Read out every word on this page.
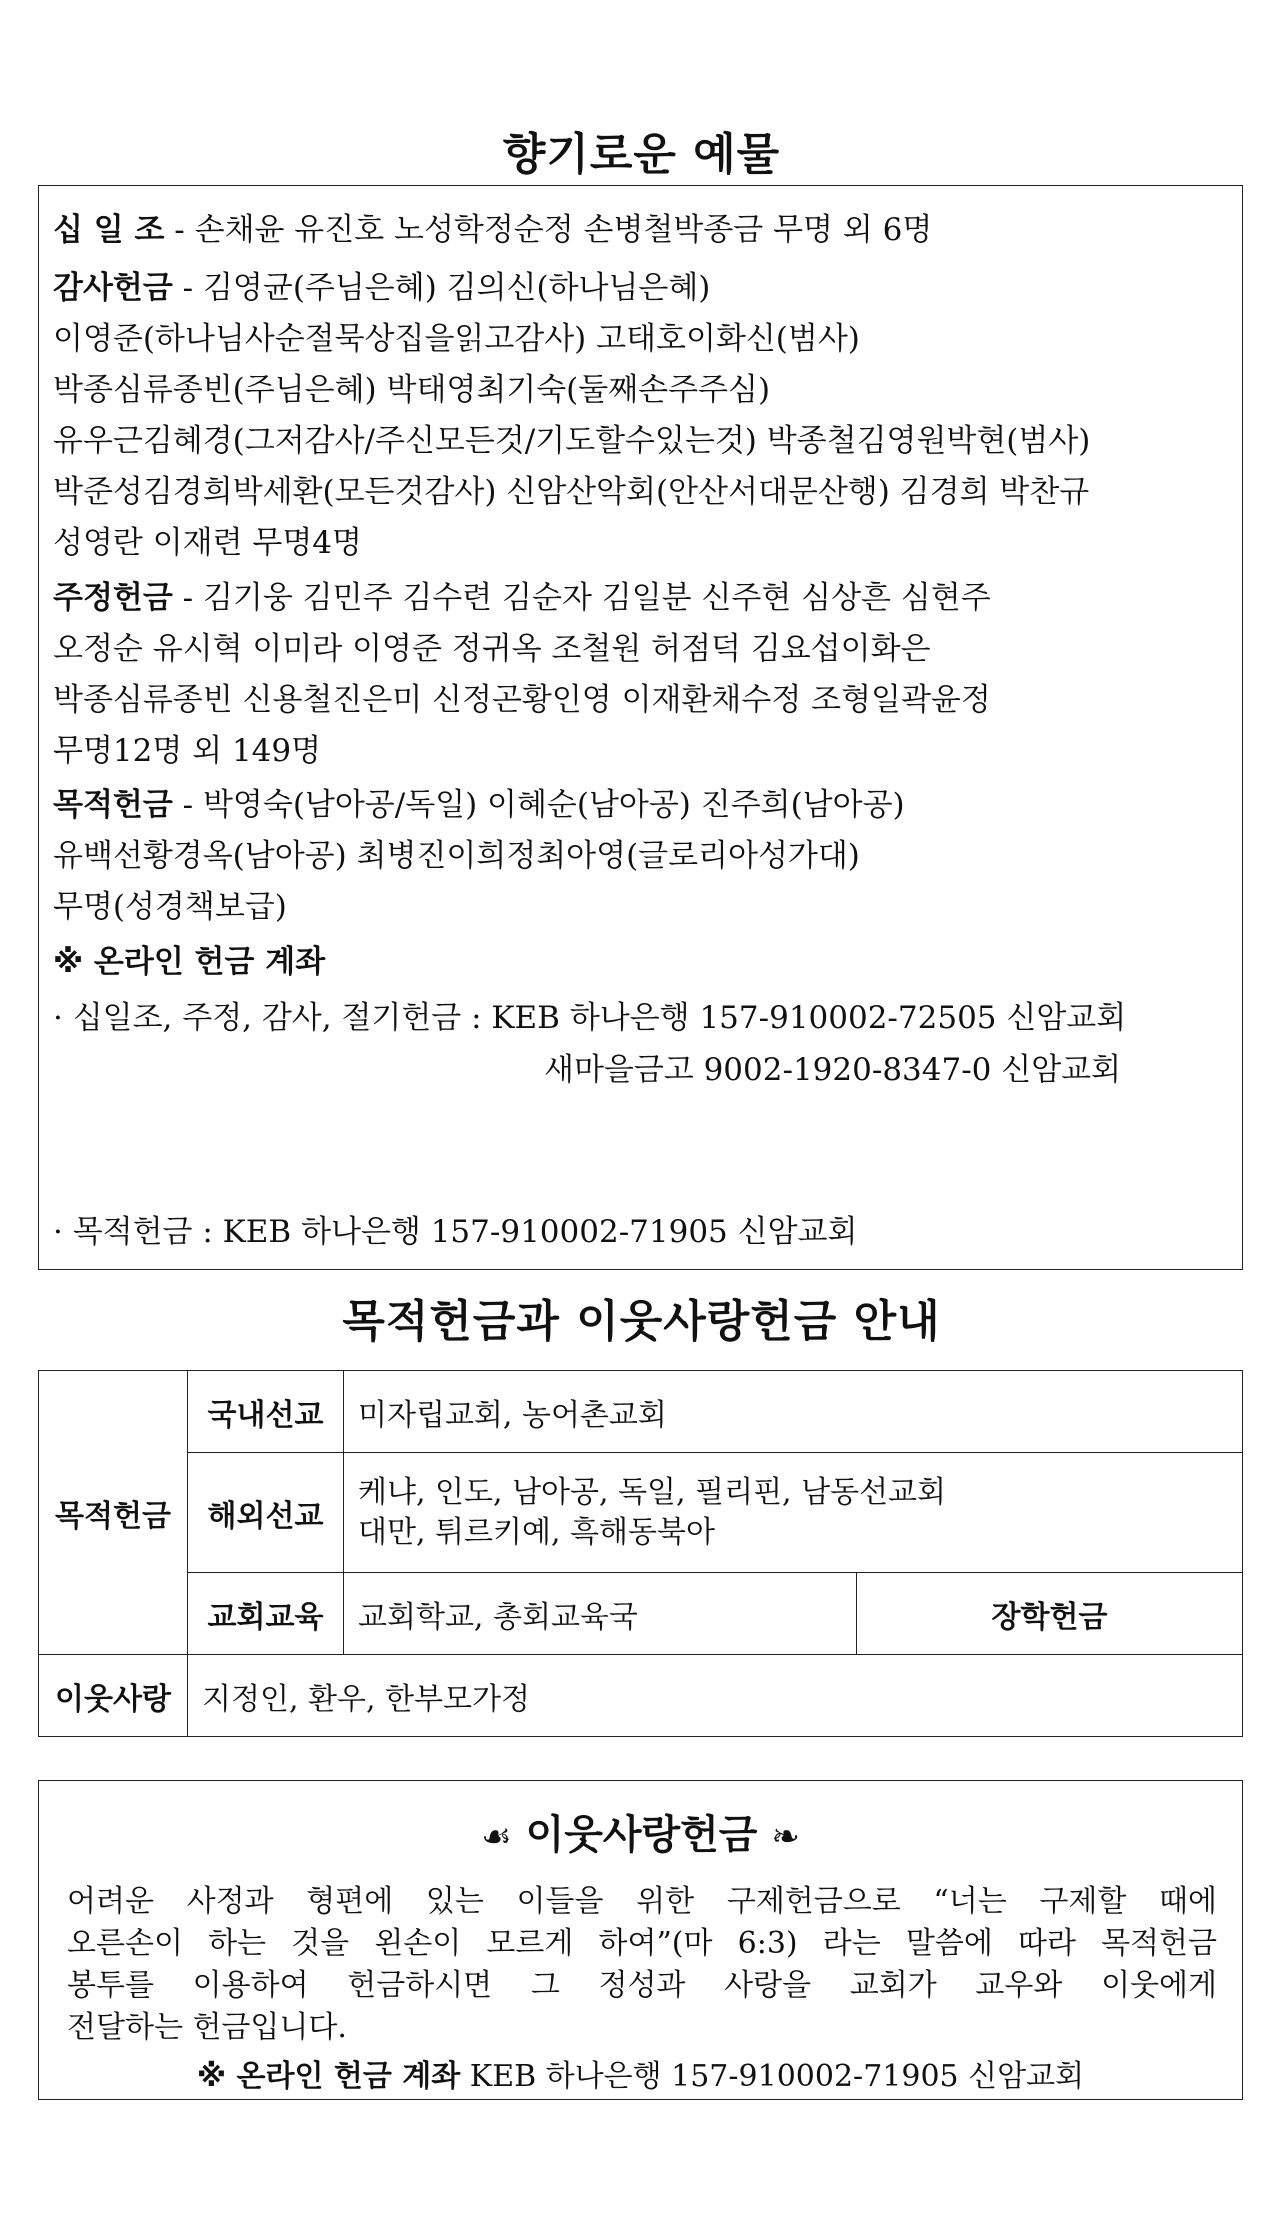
향기로운 예물
십 일 조 - 손채윤 유진호 노성학정순정 손병철박종금 무명 외 6명
감사헌금 - 김영균(주님은혜) 김의신(하나님은혜)
이영준(하나님사순절묵상집을읽고감사) 고태호이화신(범사)
박종심류종빈(주님은혜) 박태영최기숙(둘째손주주심)
유우근김혜경(그저감사/주신모든것/기도할수있는것) 박종철김영원박현(범사)
박준성김경희박세환(모든것감사) 신암산악회(안산서대문산행) 김경희 박찬규
성영란 이재련 무명4명
주정헌금 - 김기웅 김민주 김수련 김순자 김일분 신주현 심상흔 심현주
오정순 유시혁 이미라 이영준 정귀옥 조철원 허점덕 김요섭이화은
박종심류종빈 신용철진은미 신정곤황인영 이재환채수정 조형일곽윤정
무명12명 외 149명
목적헌금 - 박영숙(남아공/독일) 이혜순(남아공) 진주희(남아공)
유백선황경옥(남아공) 최병진이희정최아영(글로리아성가대)
무명(성경책보급)
※ 온라인 헌금 계좌
· 십일조, 주정, 감사, 절기헌금 : KEB 하나은행 157-910002-72505 신암교회
새마을금고 9002-1920-8347-0 신암교회
· 목적헌금 : KEB 하나은행 157-910002-71905 신암교회
목적헌금과 이웃사랑헌금 안내
목적헌금	국내선교	미자립교회, 농어촌교회	
	해외선교	케냐, 인도, 남아공, 독일, 필리핀, 남동선교회
대만, 튀르키예, 흑해동북아	

	교회교육	교회학교, 총회교육국	장학헌금
이웃사랑	지정인, 환우, 한부모가정		
☙ 이웃사랑헌금 ❧
어려운 사정과 형편에 있는 이들을 위한 구제헌금으로 “너는 구제할 때에
오른손이 하는 것을 왼손이 모르게 하여”(마 6:3) 라는 말씀에 따라 목적헌금
봉투를 이용하여 헌금하시면 그 정성과 사랑을 교회가 교우와 이웃에게
전달하는 헌금입니다.
※ 온라인 헌금 계좌 KEB 하나은행 157-910002-71905 신암교회
